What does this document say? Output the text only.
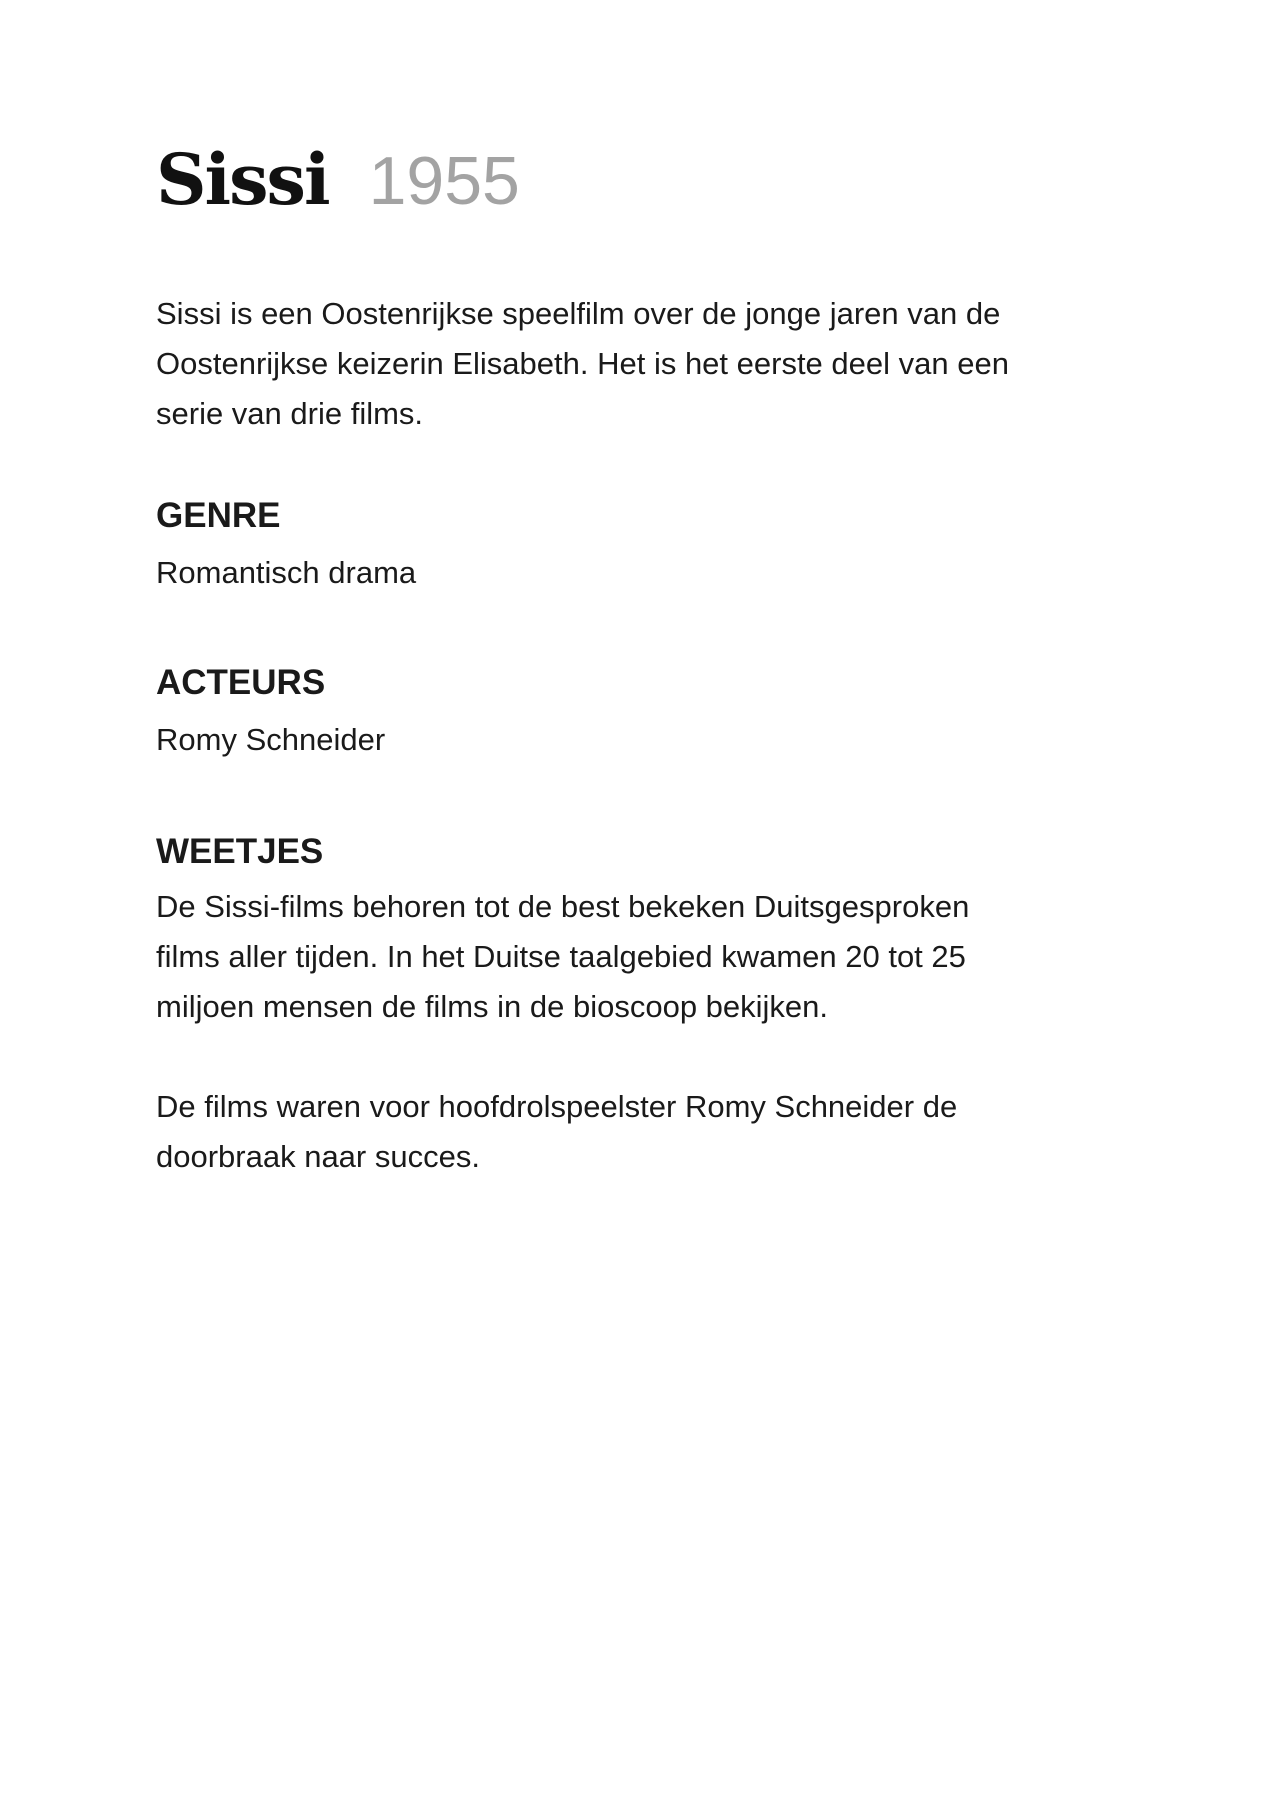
Sissi 1955
Sissi is een Oostenrijkse speelfilm over de jonge jaren van de
Oostenrijkse keizerin Elisabeth. Het is het eerste deel van een
serie van drie films.
GENRE
Romantisch drama
ACTEURS
Romy Schneider
WEETJES
De Sissi-films behoren tot de best bekeken Duitsgesproken
films aller tijden. In het Duitse taalgebied kwamen 20 tot 25
miljoen mensen de films in de bioscoop bekijken.
De films waren voor hoofdrolspeelster Romy Schneider de
doorbraak naar succes.
